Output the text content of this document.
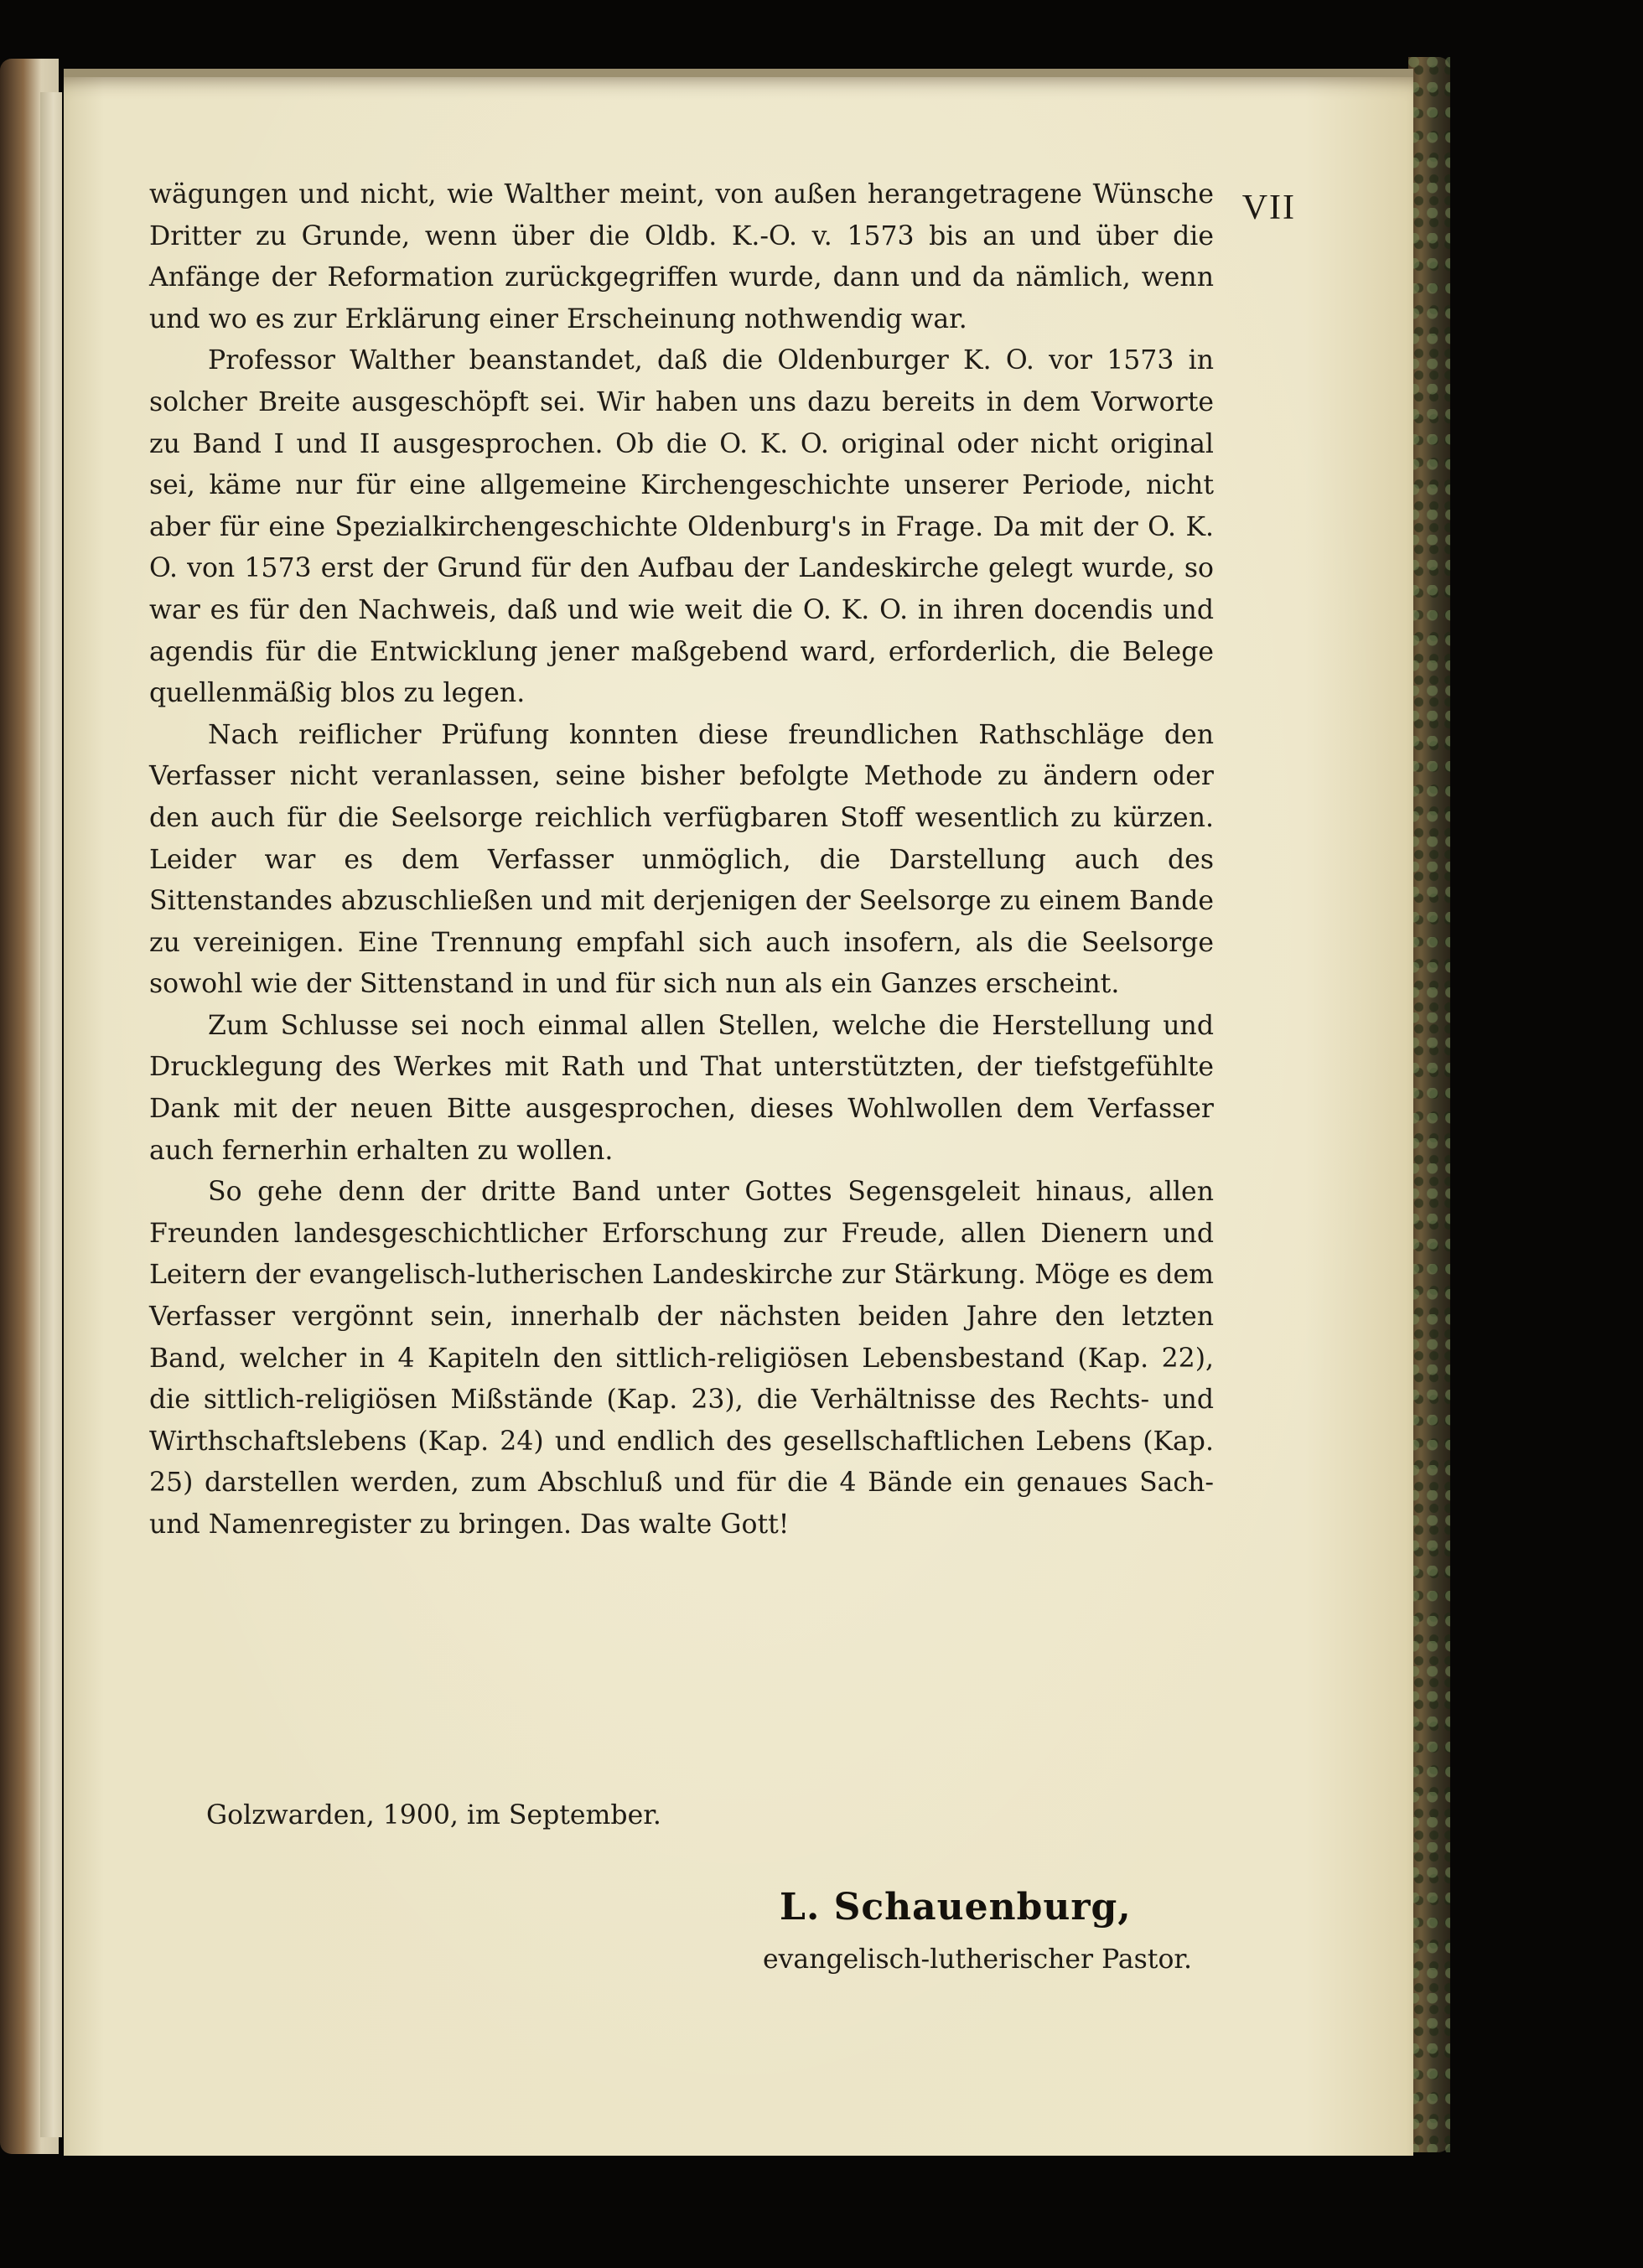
VII

wägungen und nicht, wie Walther meint, von außen herangetragene Wünsche Dritter zu Grunde, wenn über die Oldb. K.-O. v. 1573 bis an und über die Anfänge der Reformation zurückgegriffen wurde, dann und da nämlich, wenn und wo es zur Erklärung einer Erscheinung nothwendig war.

Professor Walther beanstandet, daß die Oldenburger K. O. vor 1573 in solcher Breite ausgeschöpft sei. Wir haben uns dazu bereits in dem Vorworte zu Band I und II ausgesprochen. Ob die O. K. O. original oder nicht original sei, käme nur für eine allgemeine Kirchengeschichte unserer Periode, nicht aber für eine Spezialkirchengeschichte Oldenburg's in Frage. Da mit der O. K. O. von 1573 erst der Grund für den Aufbau der Landeskirche gelegt wurde, so war es für den Nachweis, daß und wie weit die O. K. O. in ihren docendis und agendis für die Entwicklung jener maßgebend ward, erforderlich, die Belege quellenmäßig blos zu legen.

Nach reiflicher Prüfung konnten diese freundlichen Rathschläge den Verfasser nicht veranlassen, seine bisher befolgte Methode zu ändern oder den auch für die Seelsorge reichlich verfügbaren Stoff wesentlich zu kürzen. Leider war es dem Verfasser unmöglich, die Darstellung auch des Sittenstandes abzuschließen und mit derjenigen der Seelsorge zu einem Bande zu vereinigen. Eine Trennung empfahl sich auch insofern, als die Seelsorge sowohl wie der Sittenstand in und für sich nun als ein Ganzes erscheint.

Zum Schlusse sei noch einmal allen Stellen, welche die Herstellung und Drucklegung des Werkes mit Rath und That unterstützten, der tiefstgefühlte Dank mit der neuen Bitte ausgesprochen, dieses Wohlwollen dem Verfasser auch fernerhin erhalten zu wollen.

So gehe denn der dritte Band unter Gottes Segensgeleit hinaus, allen Freunden landesgeschichtlicher Erforschung zur Freude, allen Dienern und Leitern der evangelisch-lutherischen Landeskirche zur Stärkung. Möge es dem Verfasser vergönnt sein, innerhalb der nächsten beiden Jahre den letzten Band, welcher in 4 Kapiteln den sittlich-religiösen Lebensbestand (Kap. 22), die sittlich-religiösen Mißstände (Kap. 23), die Verhältnisse des Rechts- und Wirthschaftslebens (Kap. 24) und endlich des gesellschaftlichen Lebens (Kap. 25) darstellen werden, zum Abschluß und für die 4 Bände ein genaues Sach- und Namenregister zu bringen. Das walte Gott!

Golzwarden, 1900, im September.
L. Schauenburg,
evangelisch-lutherischer Pastor.
